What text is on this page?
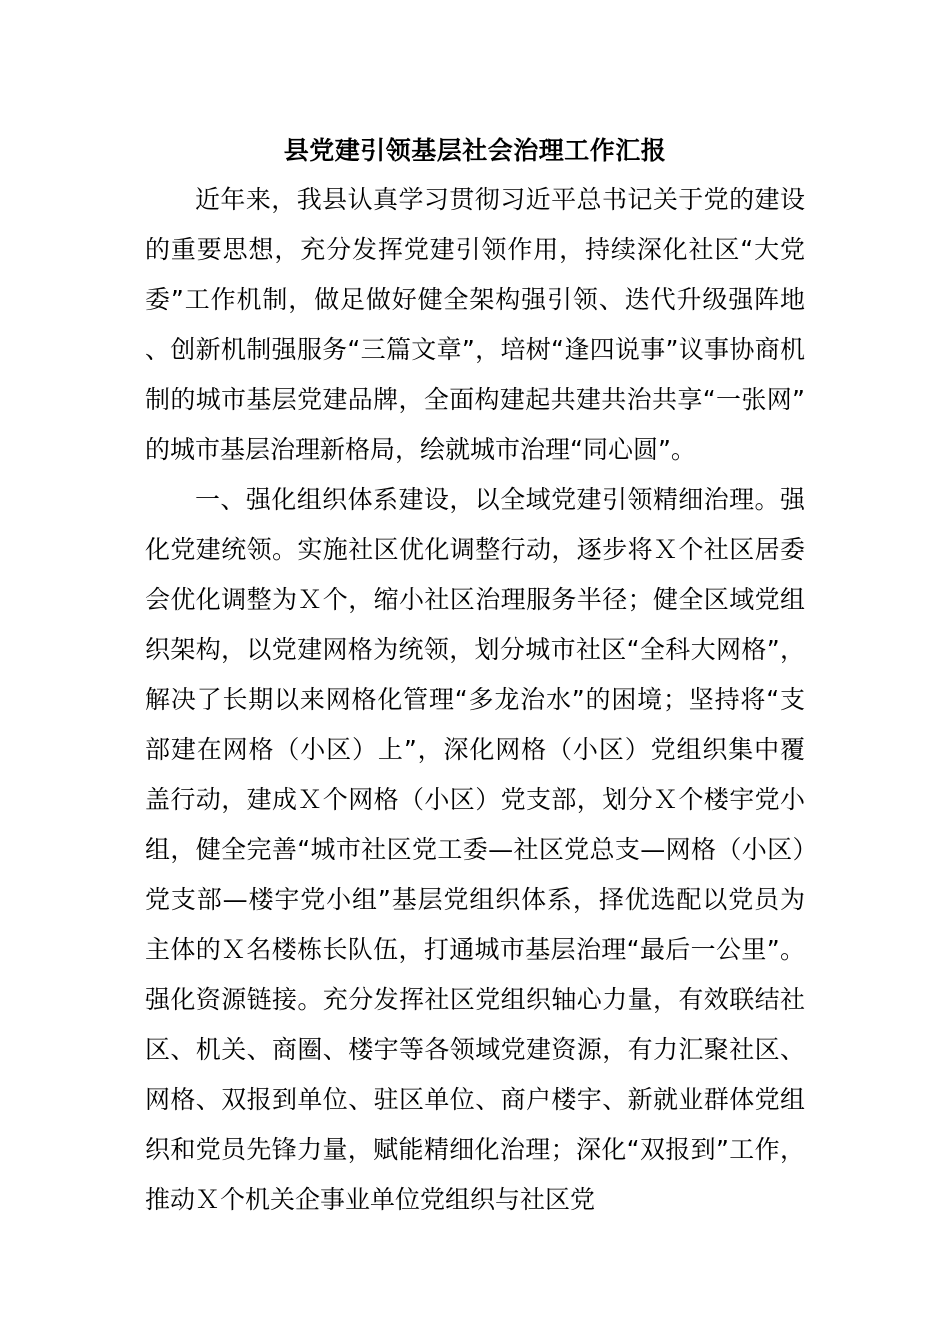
县党建引领基层社会治理工作汇报

近年来，我县认真学习贯彻习近平总书记关于党的建设的重要思想，充分发挥党建引领作用，持续深化社区“大党委”工作机制，做足做好健全架构强引领、迭代升级强阵地、创新机制强服务“三篇文章”，培树“逢四说事”议事协商机制的城市基层党建品牌，全面构建起共建共治共享“一张网”的城市基层治理新格局，绘就城市治理“同心圆”。

一、强化组织体系建设，以全域党建引领精细治理。强化党建统领。实施社区优化调整行动，逐步将Ｘ个社区居委会优化调整为Ｘ个，缩小社区治理服务半径；健全区域党组织架构，以党建网格为统领，划分城市社区“全科大网格”，解决了长期以来网格化管理“多龙治水”的困境；坚持将“支部建在网格（小区）上”，深化网格（小区）党组织集中覆盖行动，建成Ｘ个网格（小区）党支部，划分Ｘ个楼宇党小组，健全完善“城市社区党工委—社区党总支—网格（小区）党支部—楼宇党小组”基层党组织体系，择优选配以党员为主体的Ｘ名楼栋长队伍，打通城市基层治理“最后一公里”。强化资源链接。充分发挥社区党组织轴心力量，有效联结社区、机关、商圈、楼宇等各领域党建资源，有力汇聚社区、网格、双报到单位、驻区单位、商户楼宇、新就业群体党组织和党员先锋力量，赋能精细化治理；深化“双报到”工作，推动Ｘ个机关企事业单位党组织与社区党
